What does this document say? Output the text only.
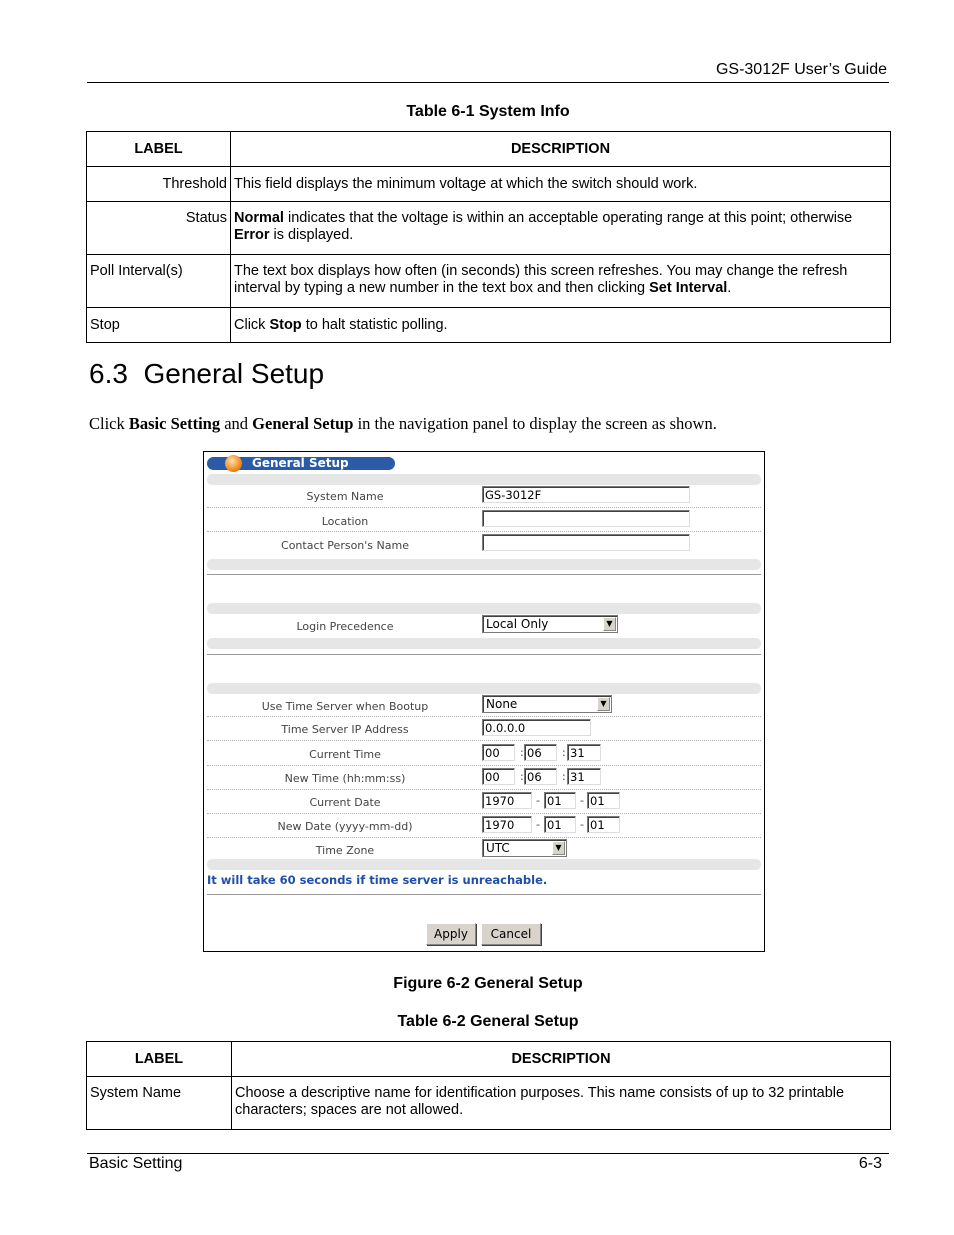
GS-3012F User’s Guide
Table 6-1 System Info
LABEL	DESCRIPTION
Threshold	This field displays the minimum voltage at which the switch should work.
Status	Normal indicates that the voltage is within an acceptable operating range at this point; otherwise Error is displayed.
Poll Interval(s)	The text box displays how often (in seconds) this screen refreshes. You may change the refresh interval by typing a new number in the text box and then clicking Set Interval.
Stop	Click Stop to halt statistic polling.
6.3 General Setup
Click Basic Setting and General Setup in the navigation panel to display the screen as shown.
General Setup
System Name	GS-3012F
Location
Contact Person's Name
Login Precedence	Local Only	▼
Use Time Server when Bootup	None	▼
Time Server IP Address	0.0.0.0
Current Time	00	: 06	: 31
New Time (hh:mm:ss)	00	: 06	: 31
Current Date	1970	- 01	- 01
New Date (yyyy-mm-dd)	1970	- 01	- 01
Time Zone	UTC	▼
It will take 60 seconds if time server is unreachable.
Apply	Cancel
Figure 6-2 General Setup
Table 6-2 General Setup
LABEL	DESCRIPTION
System Name	Choose a descriptive name for identification purposes. This name consists of up to 32 printable characters; spaces are not allowed.
Basic Setting	6-3
